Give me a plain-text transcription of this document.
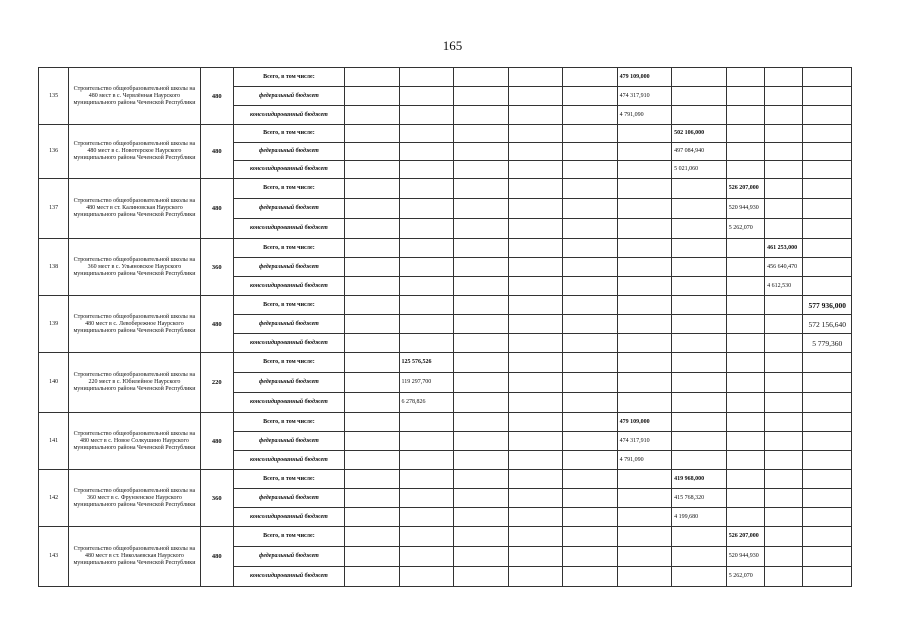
165
135	Строительство общеобразовательной школы на 480 мест в с. Червлённая Наурского муниципального района Чеченской Республики	480	Всего, в том числе:						479 109,000				
			федеральный бюджет						474 317,910				
			консолидированный бюджет						4 791,090				
136	Строительство общеобразовательной школы на 480 мест в с. Новотерское Наурского муниципального района Чеченской Республики	480	Всего, в том числе:							502 106,000			
			федеральный бюджет							497 084,940			
			консолидированный бюджет							5 021,060			
137	Строительство общеобразовательной школы на 480 мест в ст. Калиновская Наурского муниципального района Чеченской Республики	480	Всего, в том числе:								526 207,000		
			федеральный бюджет								520 944,930		
			консолидированный бюджет								5 262,070		
138	Строительство общеобразовательной школы на 360 мест в с. Ульяновское Наурского муниципального района Чеченской Республики	360	Всего, в том числе:									461 253,000	
			федеральный бюджет									456 640,470	
			консолидированный бюджет									4 612,530	
139	Строительство общеобразовательной школы на 480 мест в с. Левобережное Наурского муниципального района Чеченской Республики	480	Всего, в том числе:										577 936,000
			федеральный бюджет										572 156,640
			консолидированный бюджет										5 779,360
140	Строительство общеобразовательной школы на 220 мест в с. Юбилейное Наурского муниципального района Чеченской Республики	220	Всего, в том числе:		125 576,526								
			федеральный бюджет		119 297,700								
			консолидированный бюджет		6 278,826								
141	Строительство общеобразовательной школы на 480 мест в с. Новое Солкушино Наурского муниципального района Чеченской Республики	480	Всего, в том числе:						479 109,000				
			федеральный бюджет						474 317,910				
			консолидированный бюджет						4 791,090				
142	Строительство общеобразовательной школы на 360 мест в с. Фрунзенское Наурского муниципального района Чеченской Республики	360	Всего, в том числе:							419 968,000			
			федеральный бюджет							415 768,320			
			консолидированный бюджет							4 199,680			
143	Строительство общеобразовательной школы на 480 мест в ст. Николаевская Наурского муниципального района Чеченской Республики	480	Всего, в том числе:								526 207,000		
			федеральный бюджет								520 944,930		
			консолидированный бюджет								5 262,070		
